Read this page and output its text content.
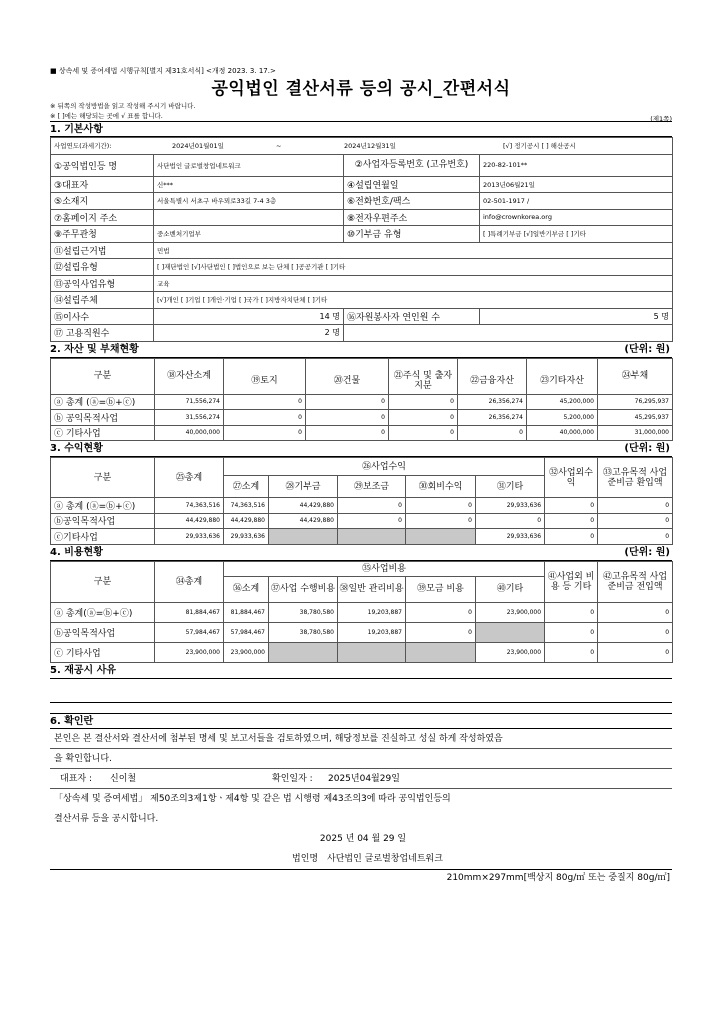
■ 상속세 및 증여세법 시행규칙[별지 제31호서식] <개정 2023. 3. 17.>
공익법인 결산서류 등의 공시_간편서식
※ 뒤쪽의 작성방법을 읽고 작성해 주시기 바랍니다.
※ [ ]에는 해당되는 곳에 √ 표를 합니다.	(제1쪽)
1. 기본사항
사업연도(과세기간): 2024년01월01일 ~ 2024년12월31일 [√] 정기공시 [ ] 해산공시			
①공익법인등 명	사단법인 글로벌창업네트워크	②사업자등록번호 (고유번호)	220-82-101**
③대표자	신***	④설립연월일	2013년06월21일
⑤소재지	서울특별시 서초구 바우뫼로33길 7-4 3층	⑥전화번호/팩스	02-501-1917 /
⑦홈페이지 주소		⑧전자우편주소	info@crownkorea.org
⑨주무관청	중소벤처기업부	⑩기부금 유형	[ ]특례기부금 [√]일반기부금 [ ]기타
⑪설립근거법	민법		
⑫설립유형	[ ]재단법인 [√]사단법인 [ ]법인으로 보는 단체 [ ]공공기관 [ ]기타		
⑬공익사업유형	교육		
⑭설립주체	[√]개인 [ ]기업 [ ]개인·기업 [ ]국가 [ ]지방자치단체 [ ]기타		
⑮이사수	14 명	⑯자원봉사자 연인원 수	5 명
⑰ 고용직원수	2 명		
2. 자산 및 부채현황	(단위: 원)
구분	⑱자산소계						㉔부채
		⑲토지	⑳건물	㉑주식 및 출자지분	㉒금융자산	㉓기타자산	
ⓐ 총계 (ⓐ=ⓑ+ⓒ)	71,556,274	0	0	0	26,356,274	45,200,000	76,295,937
ⓑ 공익목적사업	31,556,274	0	0	0	26,356,274	5,200,000	45,295,937
ⓒ 기타사업	40,000,000	0	0	0	0	40,000,000	31,000,000
3. 수익현황	(단위: 원)
구분	㉕총계	㉖사업수익					㉜사업외수익	㉝고유목적 사업준비금 환입액
		㉗소계	㉘기부금	㉙보조금	㉚회비수익	㉛기타		
ⓐ 총계 (ⓐ=ⓑ+ⓒ)	74,363,516	74,363,516	44,429,880	0	0	29,933,636	0	0
ⓑ공익목적사업	44,429,880	44,429,880	44,429,880	0	0	0	0	0
ⓒ기타사업	29,933,636	29,933,636				29,933,636	0	0
4. 비용현황	(단위: 원)
구분	㉞총계	㉟사업비용					㊶사업외 비용 등 기타	㊷고유목적 사업준비금 전입액
		㊱소계	㊲사업 수행비용	㊳일반 관리비용	㊴모금 비용	㊵기타		
ⓐ 총계(ⓐ=ⓑ+ⓒ)	81,884,467	81,884,467	38,780,580	19,203,887	0	23,900,000	0	0
ⓑ공익목적사업	57,984,467	57,984,467	38,780,580	19,203,887	0		0	0
ⓒ 기타사업	23,900,000	23,900,000				23,900,000	0	0
5. 재공시 사유
6. 확인란
본인은 본 결산서와 결산서에 첨부된 명세 및 보고서들을 검토하였으며, 해당정보를 진실하고 성실 하게 작성하였음
을 확인합니다.
대표자 : 신이철	확인일자 : 2025년04월29일
「상속세 및 증여세법」 제50조의3제1항ㆍ제4항 및 같은 법 시행령 제43조의3에 따라 공익법인등의
결산서류 등을 공시합니다.
2025 년 04 월 29 일
법인명 사단법인 글로벌창업네트워크
210mm×297mm[백상지 80g/㎡ 또는 중질지 80g/㎡]
